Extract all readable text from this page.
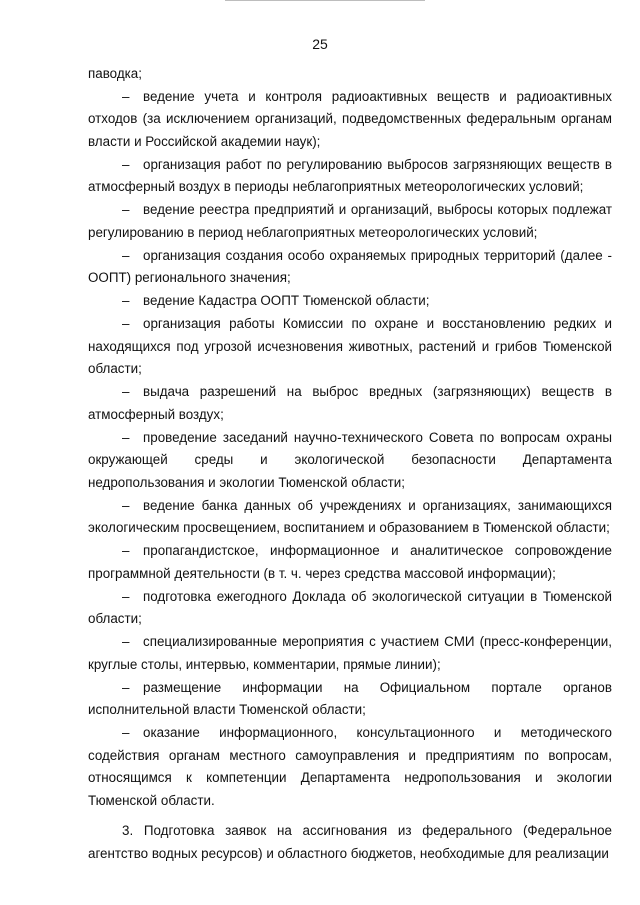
25

паводка;

– ведение учета и контроля радиоактивных веществ и радиоактивных отходов (за исключением организаций, подведомственных федеральным органам власти и Российской академии наук);

– организация работ по регулированию выбросов загрязняющих веществ в атмосферный воздух в периоды неблагоприятных метеорологических условий;

– ведение реестра предприятий и организаций, выбросы которых подлежат регулированию в период неблагоприятных метеорологических условий;

– организация создания особо охраняемых природных территорий (далее - ООПТ) регионального значения;

– ведение Кадастра ООПТ Тюменской области;

– организация работы Комиссии по охране и восстановлению редких и находящихся под угрозой исчезновения животных, растений и грибов Тюменской области;

– выдача разрешений на выброс вредных (загрязняющих) веществ в атмосферный воздух;

– проведение заседаний научно-технического Совета по вопросам охраны окружающей среды и экологической безопасности Департамента недропользования и экологии Тюменской области;

– ведение банка данных об учреждениях и организациях, занимающихся экологическим просвещением, воспитанием и образованием в Тюменской области;

– пропагандистское, информационное и аналитическое сопровождение программной деятельности (в т. ч. через средства массовой информации);

– подготовка ежегодного Доклада об экологической ситуации в Тюменской области;

– специализированные мероприятия с участием СМИ (пресс-конференции, круглые столы, интервью, комментарии, прямые линии);

– размещение информации на Официальном портале органов исполнительной власти Тюменской области;

– оказание информационного, консультационного и методического содействия органам местного самоуправления и предприятиям по вопросам, относящимся к компетенции Департамента недропользования и экологии Тюменской области.

3. Подготовка заявок на ассигнования из федерального (Федеральное агентство водных ресурсов) и областного бюджетов, необходимые для реализации
